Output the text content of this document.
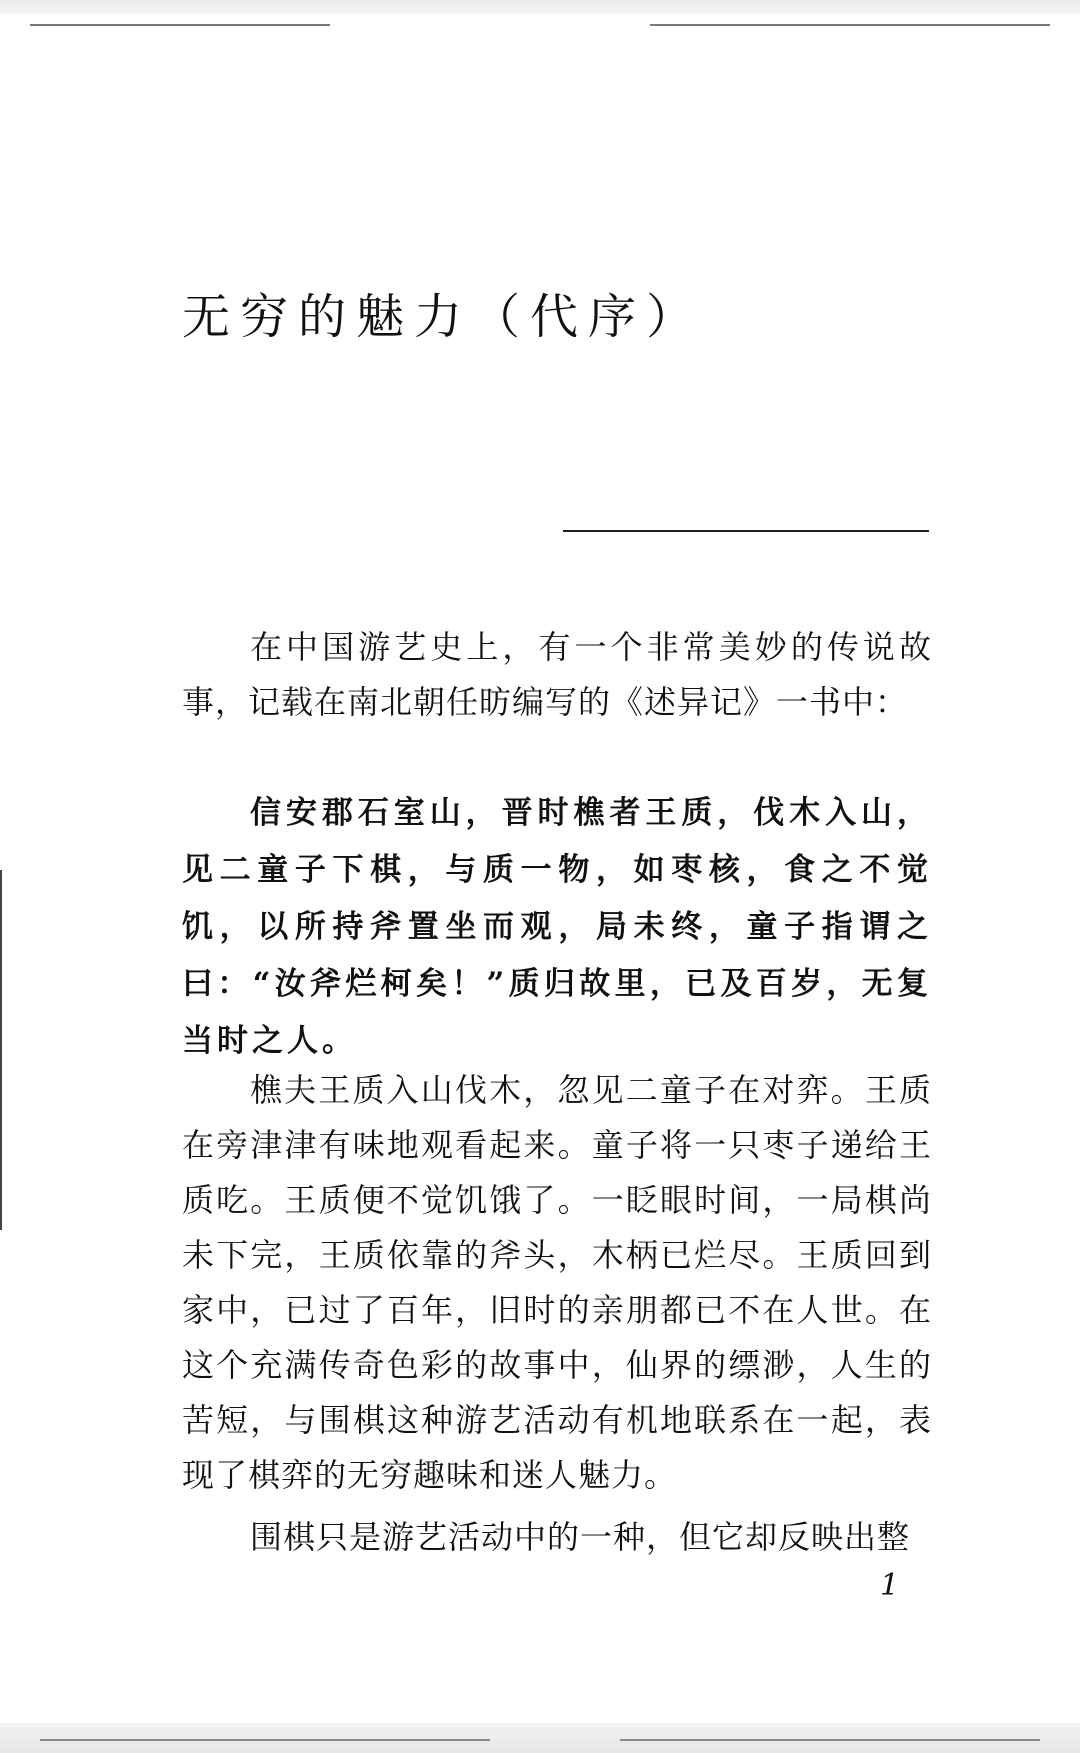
无穷的魅力（代序）

在中国游艺史上，有一个非常美妙的传说故事，记载在南北朝任昉编写的《述异记》一书中：

信安郡石室山，晋时樵者王质，伐木入山，见二童子下棋，与质一物，如枣核，食之不觉饥，以所持斧置坐而观，局未终，童子指谓之曰：“汝斧烂柯矣！”质归故里，已及百岁，无复当时之人。

樵夫王质入山伐木，忽见二童子在对弈。王质在旁津津有味地观看起来。童子将一只枣子递给王质吃。王质便不觉饥饿了。一眨眼时间，一局棋尚未下完，王质依靠的斧头，木柄已烂尽。王质回到家中，已过了百年，旧时的亲朋都已不在人世。在这个充满传奇色彩的故事中，仙界的缥渺，人生的苦短，与围棋这种游艺活动有机地联系在一起，表现了棋弈的无穷趣味和迷人魅力。

围棋只是游艺活动中的一种，但它却反映出整

1
